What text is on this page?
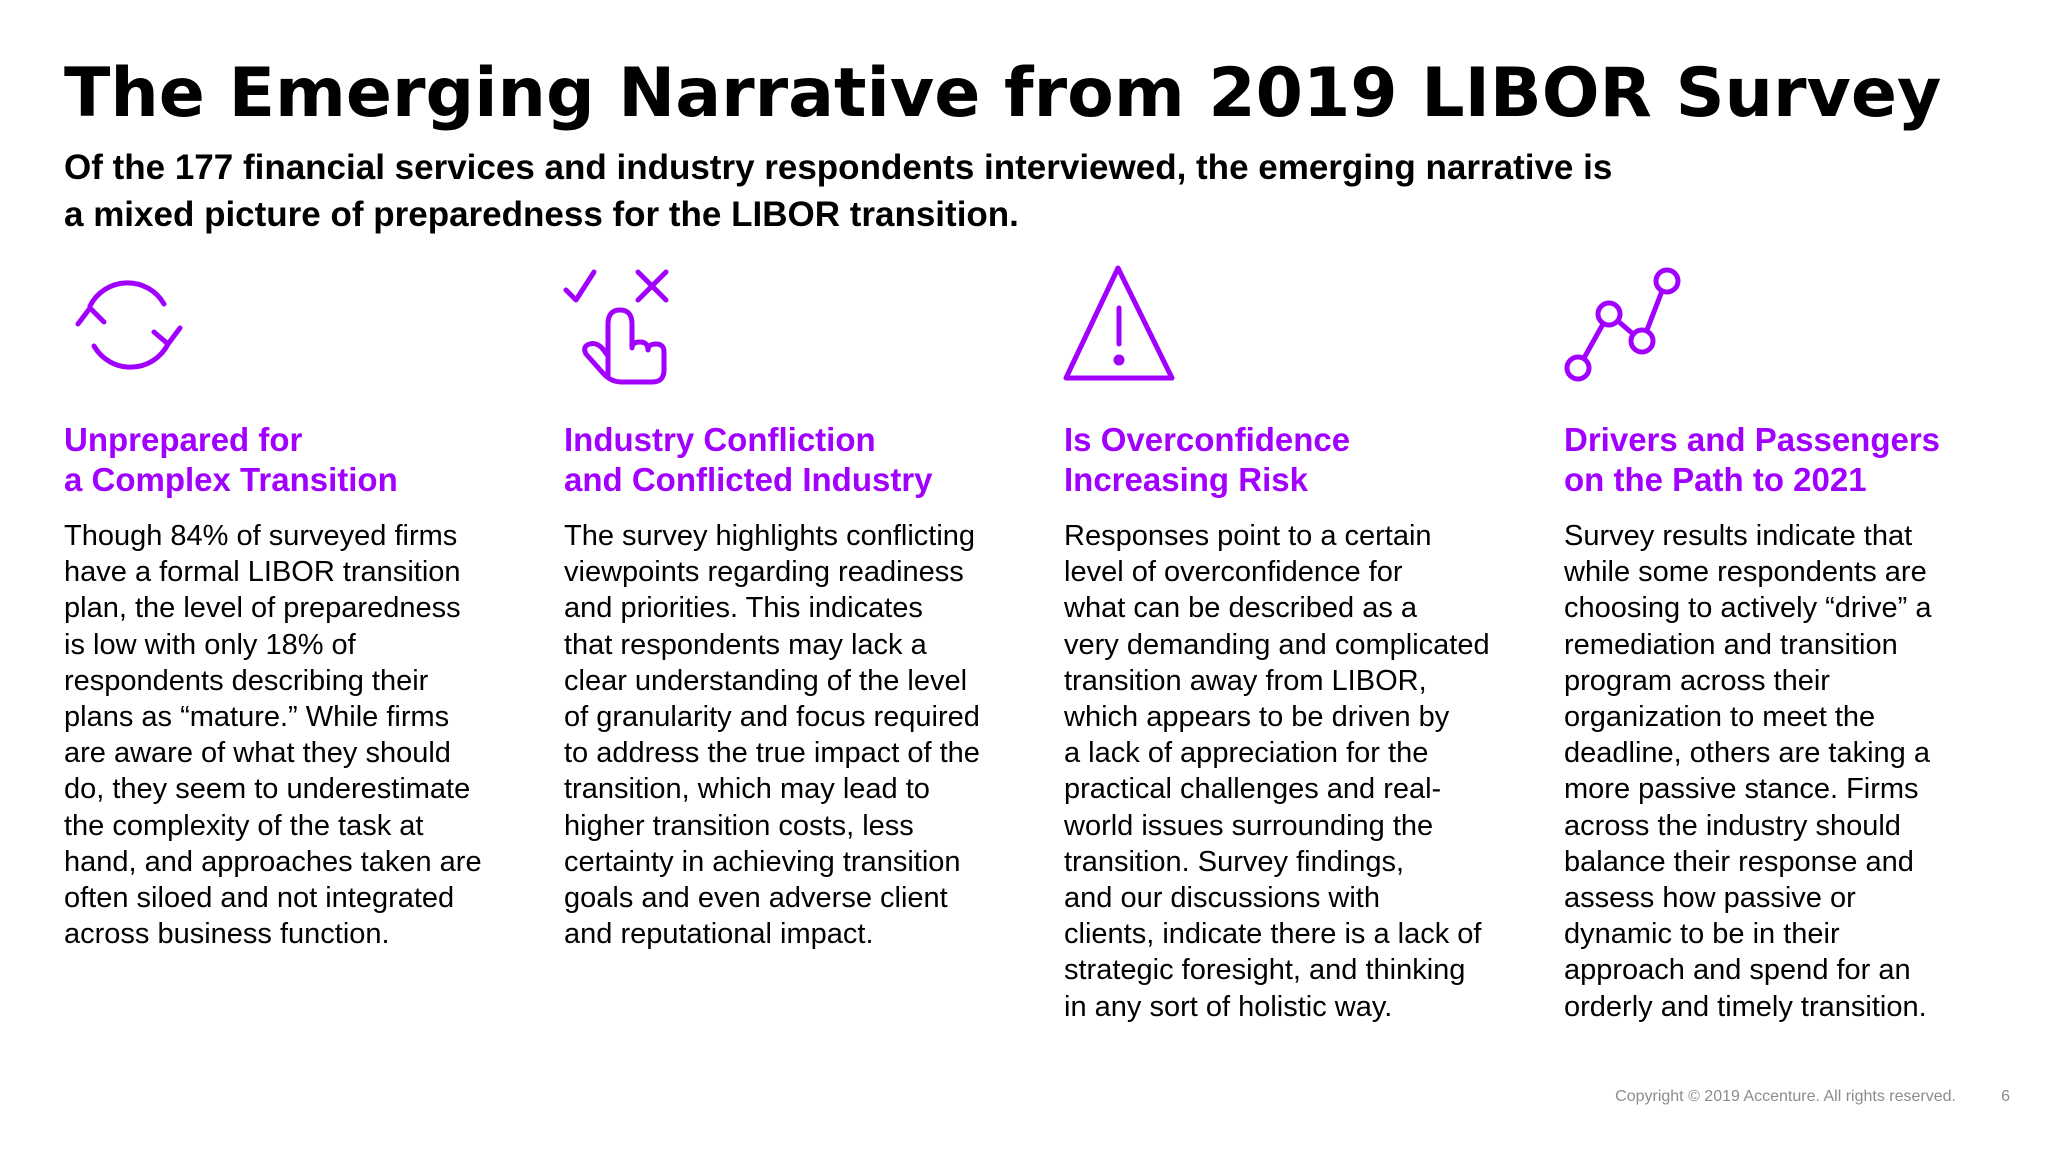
The Emerging Narrative from 2019 LIBOR Survey

Of the 177 financial services and industry respondents interviewed, the emerging narrative is a mixed picture of preparedness for the LIBOR transition.

Unprepared for
a Complex Transition
Though 84% of surveyed firms
have a formal LIBOR transition
plan, the level of preparedness
is low with only 18% of
respondents describing their
plans as “mature.” While firms
are aware of what they should
do, they seem to underestimate
the complexity of the task at
hand, and approaches taken are
often siloed and not integrated
across business function.
Industry Confliction
and Conflicted Industry
The survey highlights conflicting
viewpoints regarding readiness
and priorities. This indicates
that respondents may lack a
clear understanding of the level
of granularity and focus required
to address the true impact of the
transition, which may lead to
higher transition costs, less
certainty in achieving transition
goals and even adverse client
and reputational impact.
Is Overconfidence
Increasing Risk
Responses point to a certain
level of overconfidence for
what can be described as a
very demanding and complicated
transition away from LIBOR,
which appears to be driven by
a lack of appreciation for the
practical challenges and real-
world issues surrounding the
transition. Survey findings,
and our discussions with
clients, indicate there is a lack of
strategic foresight, and thinking
in any sort of holistic way.
Drivers and Passengers
on the Path to 2021
Survey results indicate that
while some respondents are
choosing to actively “drive” a
remediation and transition
program across their
organization to meet the
deadline, others are taking a
more passive stance. Firms
across the industry should
balance their response and
assess how passive or
dynamic to be in their
approach and spend for an
orderly and timely transition.
Copyright © 2019 Accenture. All rights reserved.	6
